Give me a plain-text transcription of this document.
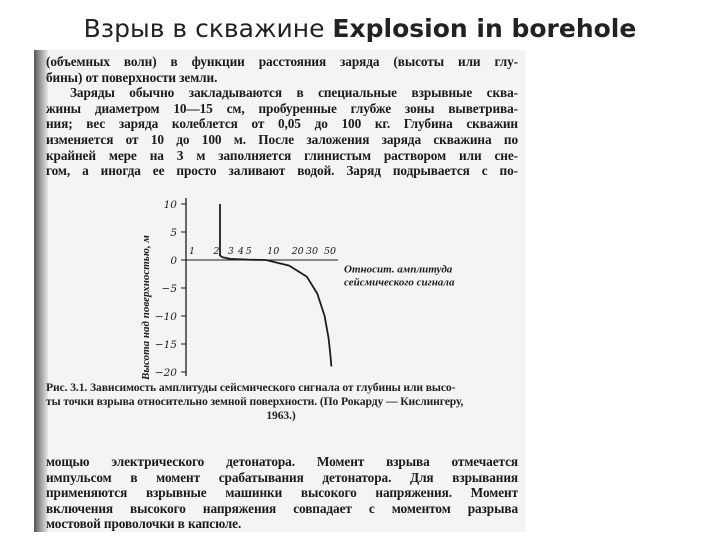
Взрыв в скважине Explosion in borehole
(объемных волн) в функции расстояния заряда (высоты или глу-
бины) от поверхности земли.
Заряды обычно закладываются в специальные взрывные сква-
жины диаметром 10—15 см, пробуренные глубже зоны выветрива-
ния; вес заряда колеблется от 0,05 до 100 кг. Глубина скважин
изменяется от 10 до 100 м. После заложения заряда скважина по
крайней мере на 3 м заполняется глинистым раствором или сне-
гом, а иногда ее просто заливают водой. Заряд подрывается с по-
10
5
0
−5
−10
−15
−20
Высота над поверхностью, м	1 2 3 4 5 10 20 30 50
Относит. амплитуда
сейсмического сигнала
Рис. 3.1. Зависимость амплитуды сейсмического сигнала от глубины или высо-
ты точки взрыва относительно земной поверхности. (По Рокарду — Кислингеру,
1963.)
мощью электрического детонатора. Момент взрыва отмечается
импульсом в момент срабатывания детонатора. Для взрывания
применяются взрывные машинки высокого напряжения. Момент
включения высокого напряжения совпадает с моментом разрыва
мостовой проволочки в капсюле.
